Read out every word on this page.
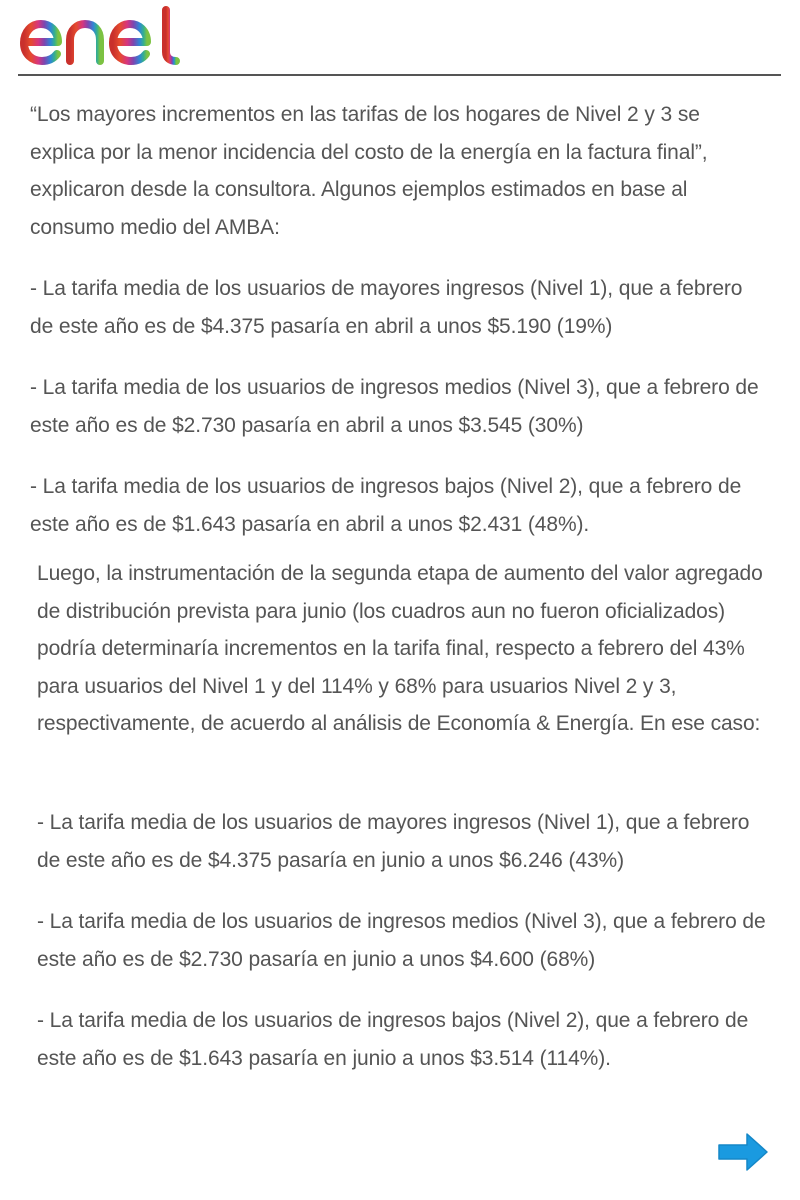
“Los mayores incrementos en las tarifas de los hogares de Nivel 2 y 3 se explica por la menor incidencia del costo de la energía en la factura final”, explicaron desde la consultora. Algunos ejemplos estimados en base al consumo medio del AMBA:

- La tarifa media de los usuarios de mayores ingresos (Nivel 1), que a febrero de este año es de $4.375 pasaría en abril a unos $5.190 (19%)

- La tarifa media de los usuarios de ingresos medios (Nivel 3), que a febrero de este año es de $2.730 pasaría en abril a unos $3.545 (30%)

- La tarifa media de los usuarios de ingresos bajos (Nivel 2), que a febrero de este año es de $1.643 pasaría en abril a unos $2.431 (48%).

Luego, la instrumentación de la segunda etapa de aumento del valor agregado de distribución prevista para junio (los cuadros aun no fueron oficializados) podría determinaría incrementos en la tarifa final, respecto a febrero del 43% para usuarios del Nivel 1 y del 114% y 68% para usuarios Nivel 2 y 3, respectivamente, de acuerdo al análisis de Economía & Energía. En ese caso:

- La tarifa media de los usuarios de mayores ingresos (Nivel 1), que a febrero de este año es de $4.375 pasaría en junio a unos $6.246 (43%)

- La tarifa media de los usuarios de ingresos medios (Nivel 3), que a febrero de este año es de $2.730 pasaría en junio a unos $4.600 (68%)

- La tarifa media de los usuarios de ingresos bajos (Nivel 2), que a febrero de este año es de $1.643 pasaría en junio a unos $3.514 (114%).
